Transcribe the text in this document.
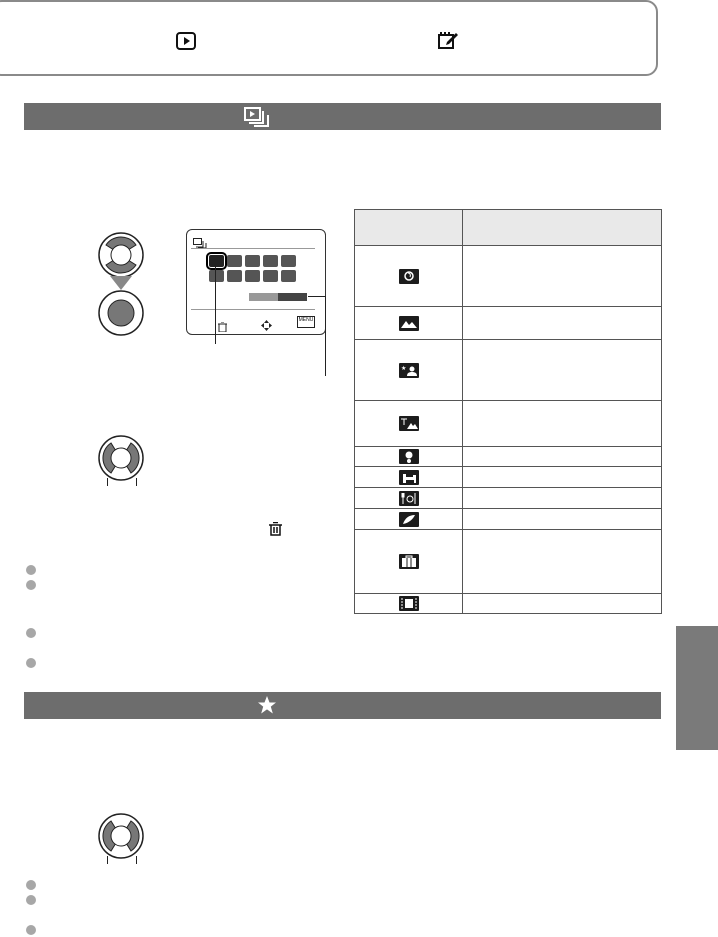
MENU

★	
